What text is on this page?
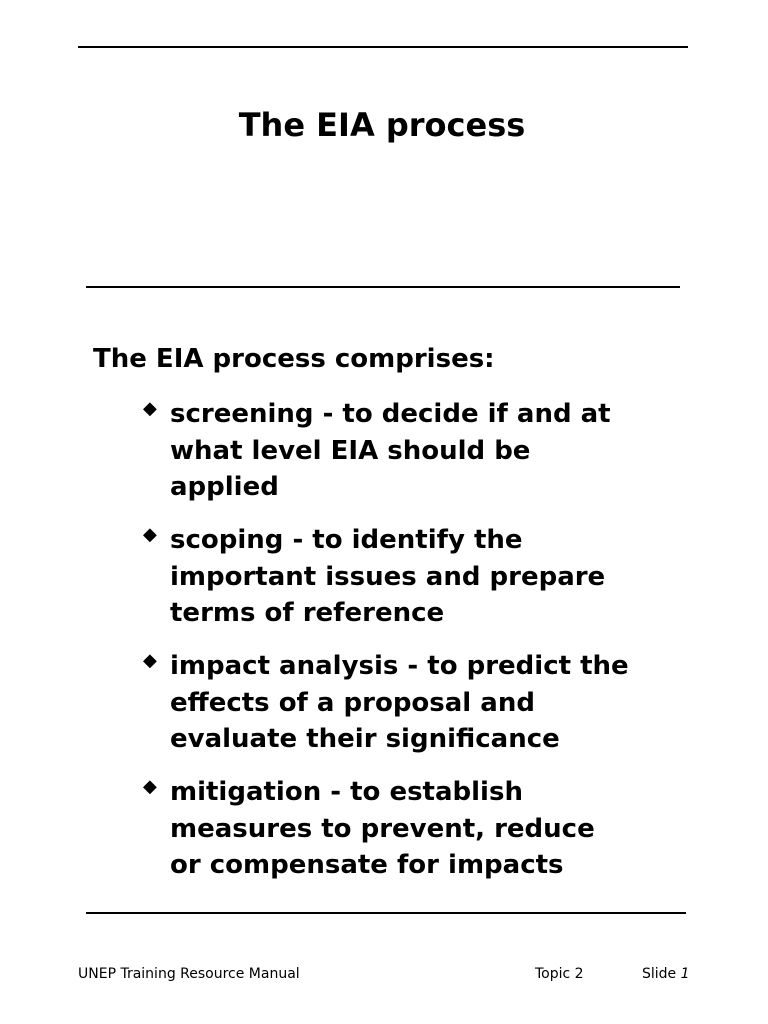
The EIA process
The EIA process comprises:
◆ screening - to decide if and at
what level EIA should be
applied
◆ scoping - to identify the
important issues and prepare
terms of reference
◆ impact analysis - to predict the
effects of a proposal and
evaluate their significance
◆ mitigation - to establish
measures to prevent, reduce
or compensate for impacts
UNEP Training Resource Manual	Topic 2	Slide 1
